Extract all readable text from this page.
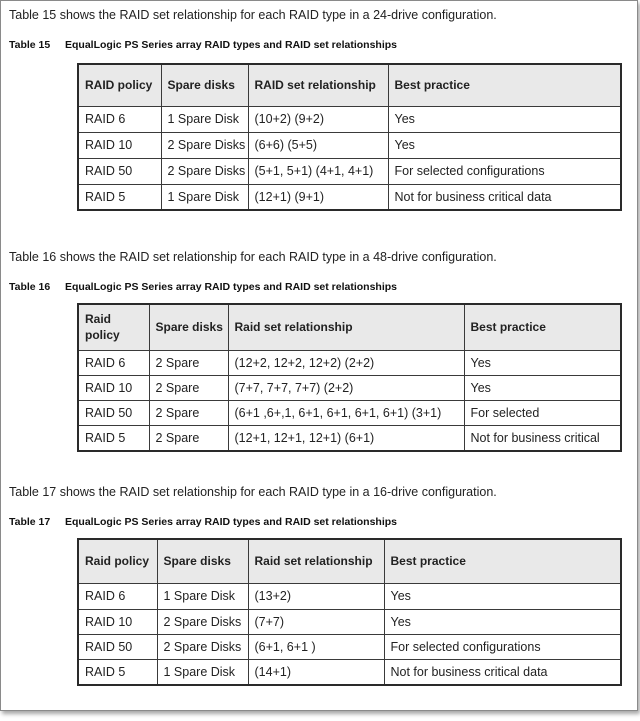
Table 15 shows the RAID set relationship for each RAID type in a 24-drive configuration.
Table 15 EqualLogic PS Series array RAID types and RAID set relationships
RAID policy	Spare disks	RAID set relationship	Best practice
RAID 6	1 Spare Disk	(10+2) (9+2)	Yes
RAID 10	2 Spare Disks	(6+6) (5+5)	Yes
RAID 50	2 Spare Disks	(5+1, 5+1) (4+1, 4+1)	For selected configurations
RAID 5	1 Spare Disk	(12+1) (9+1)	Not for business critical data
Table 16 shows the RAID set relationship for each RAID type in a 48-drive configuration.
Table 16 EqualLogic PS Series array RAID types and RAID set relationships
Raid policy	Spare disks	Raid set relationship	Best practice
RAID 6	2 Spare	(12+2, 12+2, 12+2) (2+2)	Yes
RAID 10	2 Spare	(7+7, 7+7, 7+7) (2+2)	Yes
RAID 50	2 Spare	(6+1 ,6+,1, 6+1, 6+1, 6+1, 6+1) (3+1)	For selected
RAID 5	2 Spare	(12+1, 12+1, 12+1) (6+1)	Not for business critical
Table 17 shows the RAID set relationship for each RAID type in a 16-drive configuration.
Table 17 EqualLogic PS Series array RAID types and RAID set relationships
Raid policy	Spare disks	Raid set relationship	Best practice
RAID 6	1 Spare Disk	(13+2)	Yes
RAID 10	2 Spare Disks	(7+7)	Yes
RAID 50	2 Spare Disks	(6+1, 6+1 )	For selected configurations
RAID 5	1 Spare Disk	(14+1)	Not for business critical data
